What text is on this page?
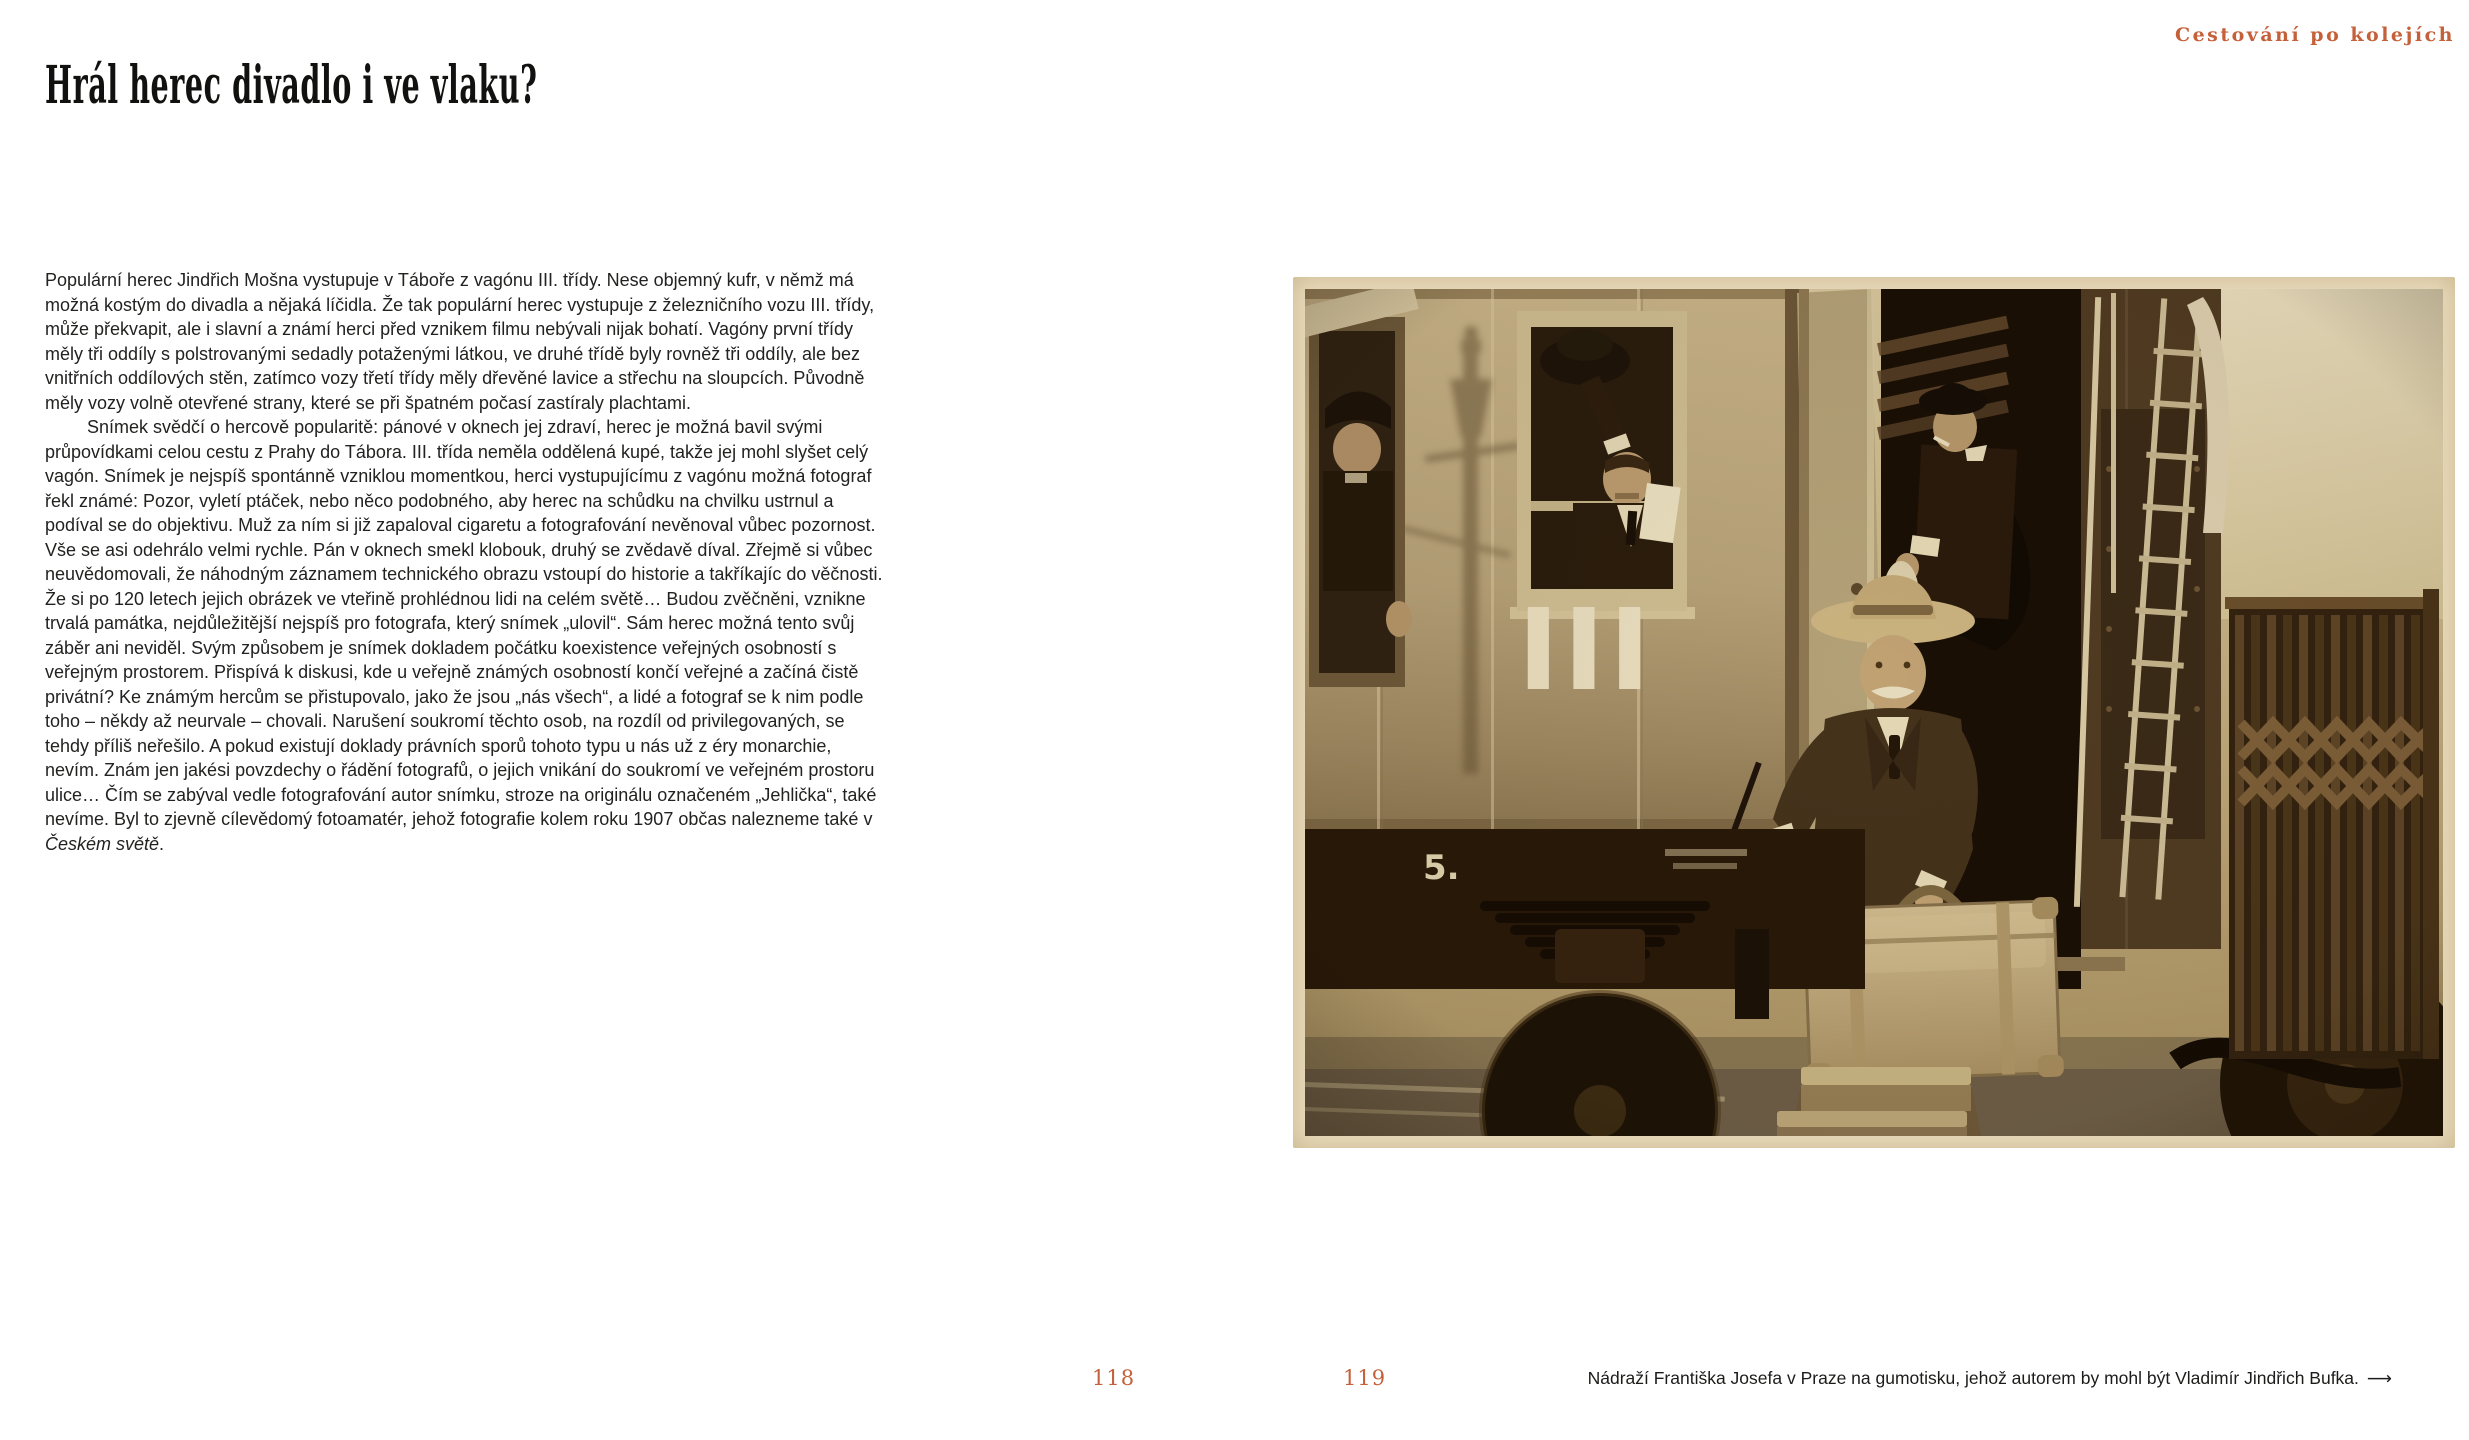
Hrál herec divadlo i ve vlaku?

Populární herec Jindřich Mošna vystupuje v Táboře z vagónu III. třídy. Nese objemný kufr, v němž má možná kostým do divadla a nějaká líčidla. Že tak populární herec vystupuje z železničního vozu III. třídy, může překvapit, ale i slavní a známí herci před vznikem filmu nebývali nijak bohatí. Vagóny první třídy měly tři oddíly s polstrovanými sedadly potaženými látkou, ve druhé třídě byly rovněž tři oddíly, ale bez vnitřních oddílových stěn, zatímco vozy třetí třídy měly dřevěné lavice a střechu na sloupcích. Původně měly vozy volně otevřené strany, které se při špatném počasí zastíraly plachtami.

Snímek svědčí o hercově popularitě: pánové v oknech jej zdraví, herec je možná bavil svými průpovídkami celou cestu z Prahy do Tábora. III. třída neměla oddělená kupé, takže jej mohl slyšet celý vagón. Snímek je nejspíš spontánně vzniklou momentkou, herci vystupujícímu z vagónu možná fotograf řekl známé: Pozor, vyletí ptáček, nebo něco podobného, aby herec na schůdku na chvilku ustrnul a podíval se do objektivu. Muž za ním si již zapaloval cigaretu a fotografování nevěnoval vůbec pozornost. Vše se asi odehrálo velmi rychle. Pán v oknech smekl klobouk, druhý se zvědavě díval. Zřejmě si vůbec neuvědomovali, že náhodným záznamem technického obrazu vstoupí do historie a takříkajíc do věčnosti. Že si po 120 letech jejich obrázek ve vteřině prohlédnou lidi na celém světě… Budou zvěčněni, vznikne trvalá památka, nejdůležitější nejspíš pro fotografa, který snímek „ulovil“. Sám herec možná tento svůj záběr ani neviděl. Svým způsobem je snímek dokladem počátku koexistence veřejných osobností s veřejným prostorem. Přispívá k diskusi, kde u veřejně známých osobností končí veřejné a začíná čistě privátní? Ke známým hercům se přistupovalo, jako že jsou „nás všech“, a lidé a fotograf se k nim podle toho – někdy až neurvale – chovali. Narušení soukromí těchto osob, na rozdíl od privilegovaných, se tehdy příliš neřešilo. A pokud existují doklady právních sporů tohoto typu u nás už z éry monarchie, nevím. Znám jen jakési povzdechy o řádění fotografů, o jejich vnikání do soukromí ve veřejném prostoru ulice… Čím se zabýval vedle fotografování autor snímku, stroze na originálu označeném „Jehlička“, také nevíme. Byl to zjevně cílevědomý fotoamatér, jehož fotografie kolem roku 1907 občas nalezneme také v Českém světě.

Cestování po kolejích
118	119	Nádraží Františka Josefa v Praze na gumotisku, jehož autorem by mohl být Vladimír Jindřich Bufka. ⟶
